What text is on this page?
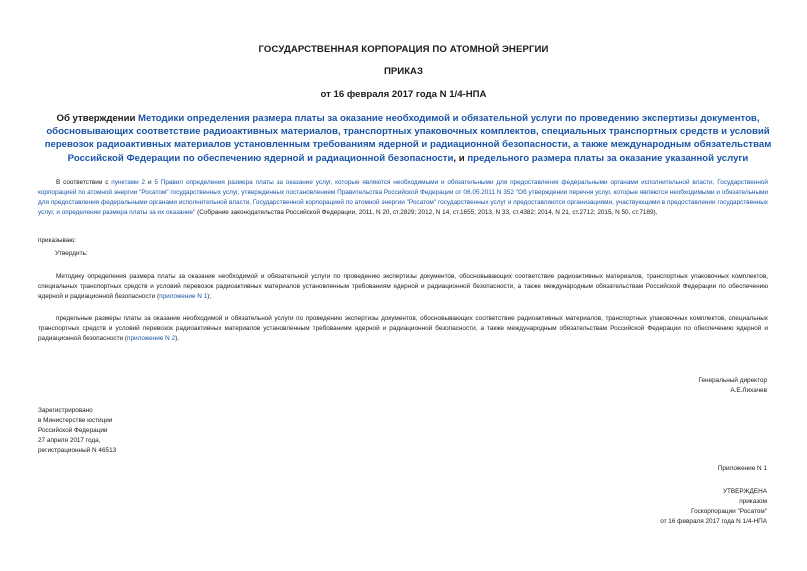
ГОСУДАРСТВЕННАЯ КОРПОРАЦИЯ ПО АТОМНОЙ ЭНЕРГИИ
ПРИКАЗ
от 16 февраля 2017 года N 1/4-НПА
Об утверждении Методики определения размера платы за оказание необходимой и обязательной услуги по проведению экспертизы документов, обосновывающих соответствие радиоактивных материалов, транспортных упаковочных комплектов, специальных транспортных средств и условий перевозок радиоактивных материалов установленным требованиям ядерной и радиационной безопасности, а также международным обязательствам Российской Федерации по обеспечению ядерной и радиационной безопасности, и предельного размера платы за оказание указанной услуги
В соответствии с пунктами 2 и 5 Правил определения размера платы за оказание услуг, которые являются необходимыми и обязательными для предоставления федеральными органами исполнительной власти, Государственной корпорацией по атомной энергии "Росатом" государственных услуг, утвержденных постановлением Правительства Российской Федерации от 06.05.2011 N 352 "Об утверждении перечня услуг, которые являются необходимыми и обязательными для предоставления федеральными органами исполнительной власти, Государственной корпорацией по атомной энергии "Росатом" государственных услуг и предоставляются организациями, участвующими в предоставлении государственных услуг, и определении размера платы за их оказание" (Собрание законодательства Российской Федерации, 2011, N 20, ст.2829; 2012, N 14, ст.1655; 2013, N 33, ст.4382; 2014, N 21, ст.2712; 2015, N 50, ст.7189),
приказываю:
Утвердить:
Методику определения размера платы за оказание необходимой и обязательной услуги по проведению экспертизы документов, обосновывающих соответствие радиоактивных материалов, транспортных упаковочных комплектов, специальных транспортных средств и условий перевозок радиоактивных материалов установленным требованиям ядерной и радиационной безопасности, а также международным обязательствам Российской Федерации по обеспечению ядерной и радиационной безопасности (приложение N 1);
предельные размеры платы за оказание необходимой и обязательной услуги по проведению экспертизы документов, обосновывающих соответствие радиоактивных материалов, транспортных упаковочных комплектов, специальных транспортных средств и условий перевозок радиоактивных материалов установленным требованиям ядерной и радиационной безопасности, а также международным обязательствам Российской Федерации по обеспечению ядерной и радиационной безопасности (приложение N 2).
Генеральный директор
А.Е.Лихачев
Зарегистрировано
в Министерстве юстиции
Российской Федерации
27 апреля 2017 года,
регистрационный N 46513
Приложение N 1
УТВЕРЖДЕНА
приказом
Госкорпорации "Росатом"
от 16 февраля 2017 года N 1/4-НПА
